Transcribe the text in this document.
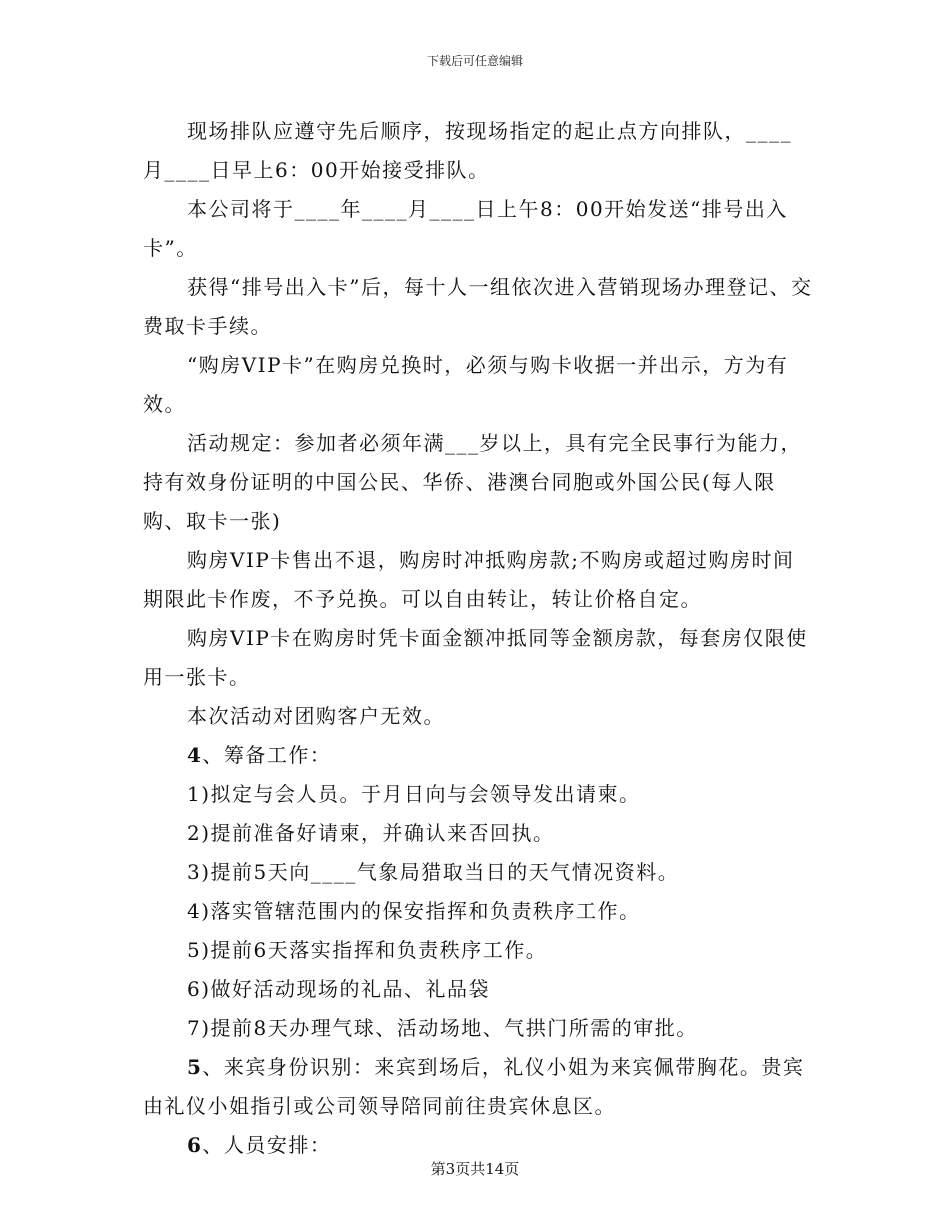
下载后可任意编辑

现场排队应遵守先后顺序，按现场指定的起止点方向排队，____月____日早上6：00开始接受排队。

本公司将于____年____月____日上午8：00开始发送“排号出入卡”。

获得“排号出入卡”后，每十人一组依次进入营销现场办理登记、交费取卡手续。

“购房VIP卡”在购房兑换时，必须与购卡收据一并出示，方为有效。

活动规定：参加者必须年满___岁以上，具有完全民事行为能力，持有效身份证明的中国公民、华侨、港澳台同胞或外国公民(每人限购、取卡一张)

购房VIP卡售出不退，购房时冲抵购房款;不购房或超过购房时间期限此卡作废，不予兑换。可以自由转让，转让价格自定。

购房VIP卡在购房时凭卡面金额冲抵同等金额房款，每套房仅限使用一张卡。

本次活动对团购客户无效。

4、筹备工作：

1)拟定与会人员。于月日向与会领导发出请柬。

2)提前准备好请柬，并确认来否回执。

3)提前5天向____气象局猎取当日的天气情况资料。

4)落实管辖范围内的保安指挥和负责秩序工作。

5)提前6天落实指挥和负责秩序工作。

6)做好活动现场的礼品、礼品袋

7)提前8天办理气球、活动场地、气拱门所需的审批。

5、来宾身份识别：来宾到场后，礼仪小姐为来宾佩带胸花。贵宾由礼仪小姐指引或公司领导陪同前往贵宾休息区。

6、人员安排：

第3页共14页
